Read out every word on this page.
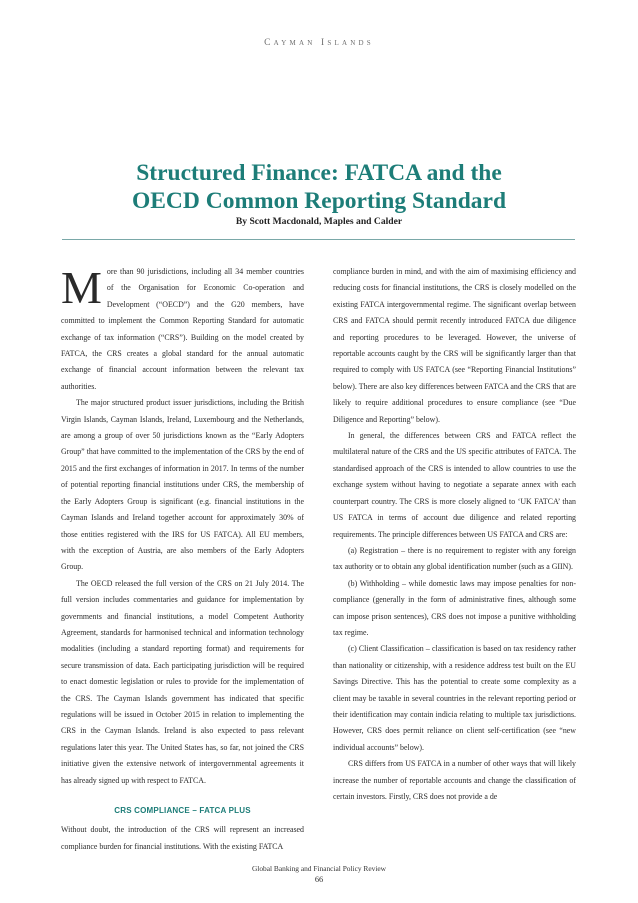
Cayman Islands
Structured Finance: FATCA and the
OECD Common Reporting Standard
By Scott Macdonald, Maples and Calder

More than 90 jurisdictions, including all 34 member countries of the Organisation for Economic Co-operation and Development (“OECD”) and the G20 members, have committed to implement the Common Reporting Standard for automatic exchange of tax information (“CRS”). Building on the model created by FATCA, the CRS creates a global standard for the annual automatic exchange of financial account information between the relevant tax authorities.

The major structured product issuer jurisdictions, including the British Virgin Islands, Cayman Islands, Ireland, Luxembourg and the Netherlands, are among a group of over 50 jurisdictions known as the “Early Adopters Group” that have committed to the implementation of the CRS by the end of 2015 and the first exchanges of information in 2017. In terms of the number of potential reporting financial institutions under CRS, the membership of the Early Adopters Group is significant (e.g. financial institutions in the Cayman Islands and Ireland together account for approximately 30% of those entities registered with the IRS for US FATCA). All EU members, with the exception of Austria, are also members of the Early Adopters Group.

The OECD released the full version of the CRS on 21 July 2014. The full version includes commentaries and guidance for implementation by governments and financial institutions, a model Competent Authority Agreement, standards for harmonised technical and information technology modalities (including a standard reporting format) and requirements for secure transmission of data. Each participating jurisdiction will be required to enact domestic legislation or rules to provide for the implementation of the CRS. The Cayman Islands government has indicated that specific regulations will be issued in October 2015 in relation to implementing the CRS in the Cayman Islands. Ireland is also expected to pass relevant regulations later this year. The United States has, so far, not joined the CRS initiative given the extensive network of intergovernmental agreements it has already signed up with respect to FATCA.

CRS COMPLIANCE – FATCA PLUS

Without doubt, the introduction of the CRS will represent an increased compliance burden for financial institutions. With the existing FATCA

compliance burden in mind, and with the aim of maximising efficiency and reducing costs for financial institutions, the CRS is closely modelled on the existing FATCA intergovernmental regime. The significant overlap between CRS and FATCA should permit recently introduced FATCA due diligence and reporting procedures to be leveraged. However, the universe of reportable accounts caught by the CRS will be significantly larger than that required to comply with US FATCA (see “Reporting Financial Institutions” below). There are also key differences between FATCA and the CRS that are likely to require additional procedures to ensure compliance (see “Due Diligence and Reporting” below).

In general, the differences between CRS and FATCA reflect the multilateral nature of the CRS and the US specific attributes of FATCA. The standardised approach of the CRS is intended to allow countries to use the exchange system without having to negotiate a separate annex with each counterpart country. The CRS is more closely aligned to ‘UK FATCA’ than US FATCA in terms of account due diligence and related reporting requirements. The principle differences between US FATCA and CRS are:

(a) Registration – there is no requirement to register with any foreign tax authority or to obtain any global identification number (such as a GIIN).

(b) Withholding – while domestic laws may impose penalties for non-compliance (generally in the form of administrative fines, although some can impose prison sentences), CRS does not impose a punitive withholding tax regime.

(c) Client Classification – classification is based on tax residency rather than nationality or citizenship, with a residence address test built on the EU Savings Directive. This has the potential to create some complexity as a client may be taxable in several countries in the relevant reporting period or their identification may contain indicia relating to multiple tax jurisdictions. However, CRS does permit reliance on client self-certification (see “new individual accounts” below).

CRS differs from US FATCA in a number of other ways that will likely increase the number of reportable accounts and change the classification of certain investors. Firstly, CRS does not provide a de

Global Banking and Financial Policy Review
66
